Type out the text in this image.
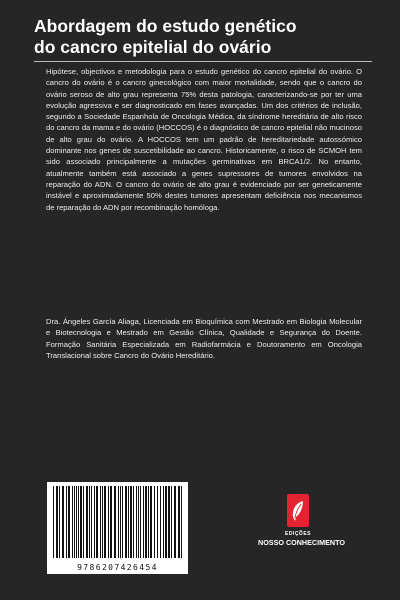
Abordagem do estudo genético
do cancro epitelial do ovário

Hipótese, objectivos e metodologia para o estudo genético do cancro epitelial do ovário. O cancro do ovário é o cancro ginecológico com maior mortalidade, sendo que o cancro do ovário seroso de alto grau representa 75% desta patologia, caracterizando-se por ter uma evolução agressiva e ser diagnosticado em fases avançadas. Um dos critérios de inclusão, segundo a Sociedade Espanhola de Oncologia Médica, da síndrome hereditária de alto risco do cancro da mama e do ovário (HOCCOS) é o diagnóstico de cancro epitelial não mucinoso de alto grau do ovário. A HOCCOS tem um padrão de hereditariedade autossómico dominante nos genes de suscetibilidade ao cancro. Historicamente, o risco de SCMOH tem sido associado principalmente a mutações germinativas em BRCA1/2. No entanto, atualmente também está associado a genes supressores de tumores envolvidos na reparação do ADN. O cancro do ovário de alto grau é evidenciado por ser geneticamente instável e aproximadamente 50% destes tumores apresentam deficiência nos mecanismos de reparação do ADN por recombinação homóloga.

Dra. Ángeles García Aliaga, Licenciada em Bioquímica com Mestrado em Biologia Molecular e Biotecnologia e Mestrado em Gestão Clínica, Qualidade e Segurança do Doente. Formação Sanitária Especializada em Radiofarmácia e Doutoramento em Oncologia Translacional sobre Cancro do Ovário Hereditário.

9786207426454
EDIÇÕES
NOSSO CONHECIMENTO
